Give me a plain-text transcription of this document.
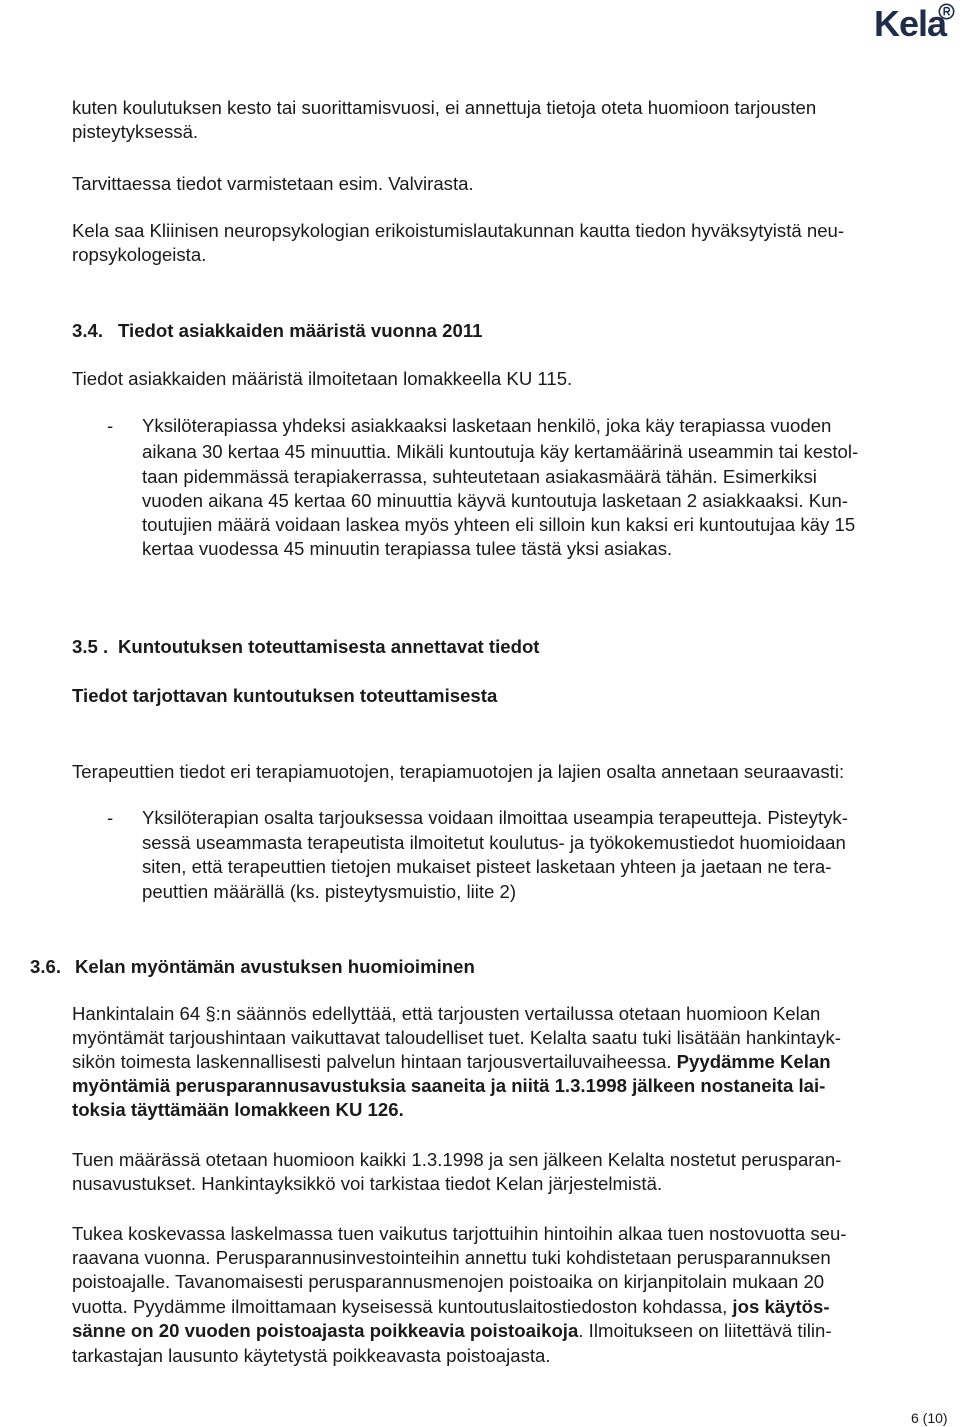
Kela
kuten koulutuksen kesto tai suorittamisvuosi, ei annettuja tietoja oteta huomioon tarjousten
pisteytyksessä.
Tarvittaessa tiedot varmistetaan esim. Valvirasta.
Kela saa Kliinisen neuropsykologian erikoistumislautakunnan kautta tiedon hyväksytyistä neu-
ropsykologeista.
3.4. Tiedot asiakkaiden määristä vuonna 2011
Tiedot asiakkaiden määristä ilmoitetaan lomakkeella KU 115.
- Yksilöterapiassa yhdeksi asiakkaaksi lasketaan henkilö, joka käy terapiassa vuoden
aikana 30 kertaa 45 minuuttia. Mikäli kuntoutuja käy kertamäärinä useammin tai kestol-
taan pidemmässä terapiakerrassa, suhteutetaan asiakasmäärä tähän. Esimerkiksi
vuoden aikana 45 kertaa 60 minuuttia käyvä kuntoutuja lasketaan 2 asiakkaaksi. Kun-
toutujien määrä voidaan laskea myös yhteen eli silloin kun kaksi eri kuntoutujaa käy 15
kertaa vuodessa 45 minuutin terapiassa tulee tästä yksi asiakas.
3.5 . Kuntoutuksen toteuttamisesta annettavat tiedot
Tiedot tarjottavan kuntoutuksen toteuttamisesta
Terapeuttien tiedot eri terapiamuotojen, terapiamuotojen ja lajien osalta annetaan seuraavasti:
- Yksilöterapian osalta tarjouksessa voidaan ilmoittaa useampia terapeutteja. Pisteytyk-
sessä useammasta terapeutista ilmoitetut koulutus- ja työkokemustiedot huomioidaan
siten, että terapeuttien tietojen mukaiset pisteet lasketaan yhteen ja jaetaan ne tera-
peuttien määrällä (ks. pisteytysmuistio, liite 2)
3.6. Kelan myöntämän avustuksen huomioiminen
Hankintalain 64 §:n säännös edellyttää, että tarjousten vertailussa otetaan huomioon Kelan
myöntämät tarjoushintaan vaikuttavat taloudelliset tuet. Kelalta saatu tuki lisätään hankintayk-
sikön toimesta laskennallisesti palvelun hintaan tarjousvertailuvaiheessa. Pyydämme Kelan
myöntämiä perusparannusavustuksia saaneita ja niitä 1.3.1998 jälkeen nostaneita lai-
toksia täyttämään lomakkeen KU 126.
Tuen määrässä otetaan huomioon kaikki 1.3.1998 ja sen jälkeen Kelalta nostetut perusparan-
nusavustukset. Hankintayksikkö voi tarkistaa tiedot Kelan järjestelmistä.
Tukea koskevassa laskelmassa tuen vaikutus tarjottuihin hintoihin alkaa tuen nostovuotta seu-
raavana vuonna. Perusparannusinvestointeihin annettu tuki kohdistetaan perusparannuksen
poistoajalle. Tavanomaisesti perusparannusmenojen poistoaika on kirjanpitolain mukaan 20
vuotta. Pyydämme ilmoittamaan kyseisessä kuntoutuslaitostiedoston kohdassa, jos käytös-
sänne on 20 vuoden poistoajasta poikkeavia poistoaikoja. Ilmoitukseen on liitettävä tilin-
tarkastajan lausunto käytetystä poikkeavasta poistoajasta.
6 (10)
